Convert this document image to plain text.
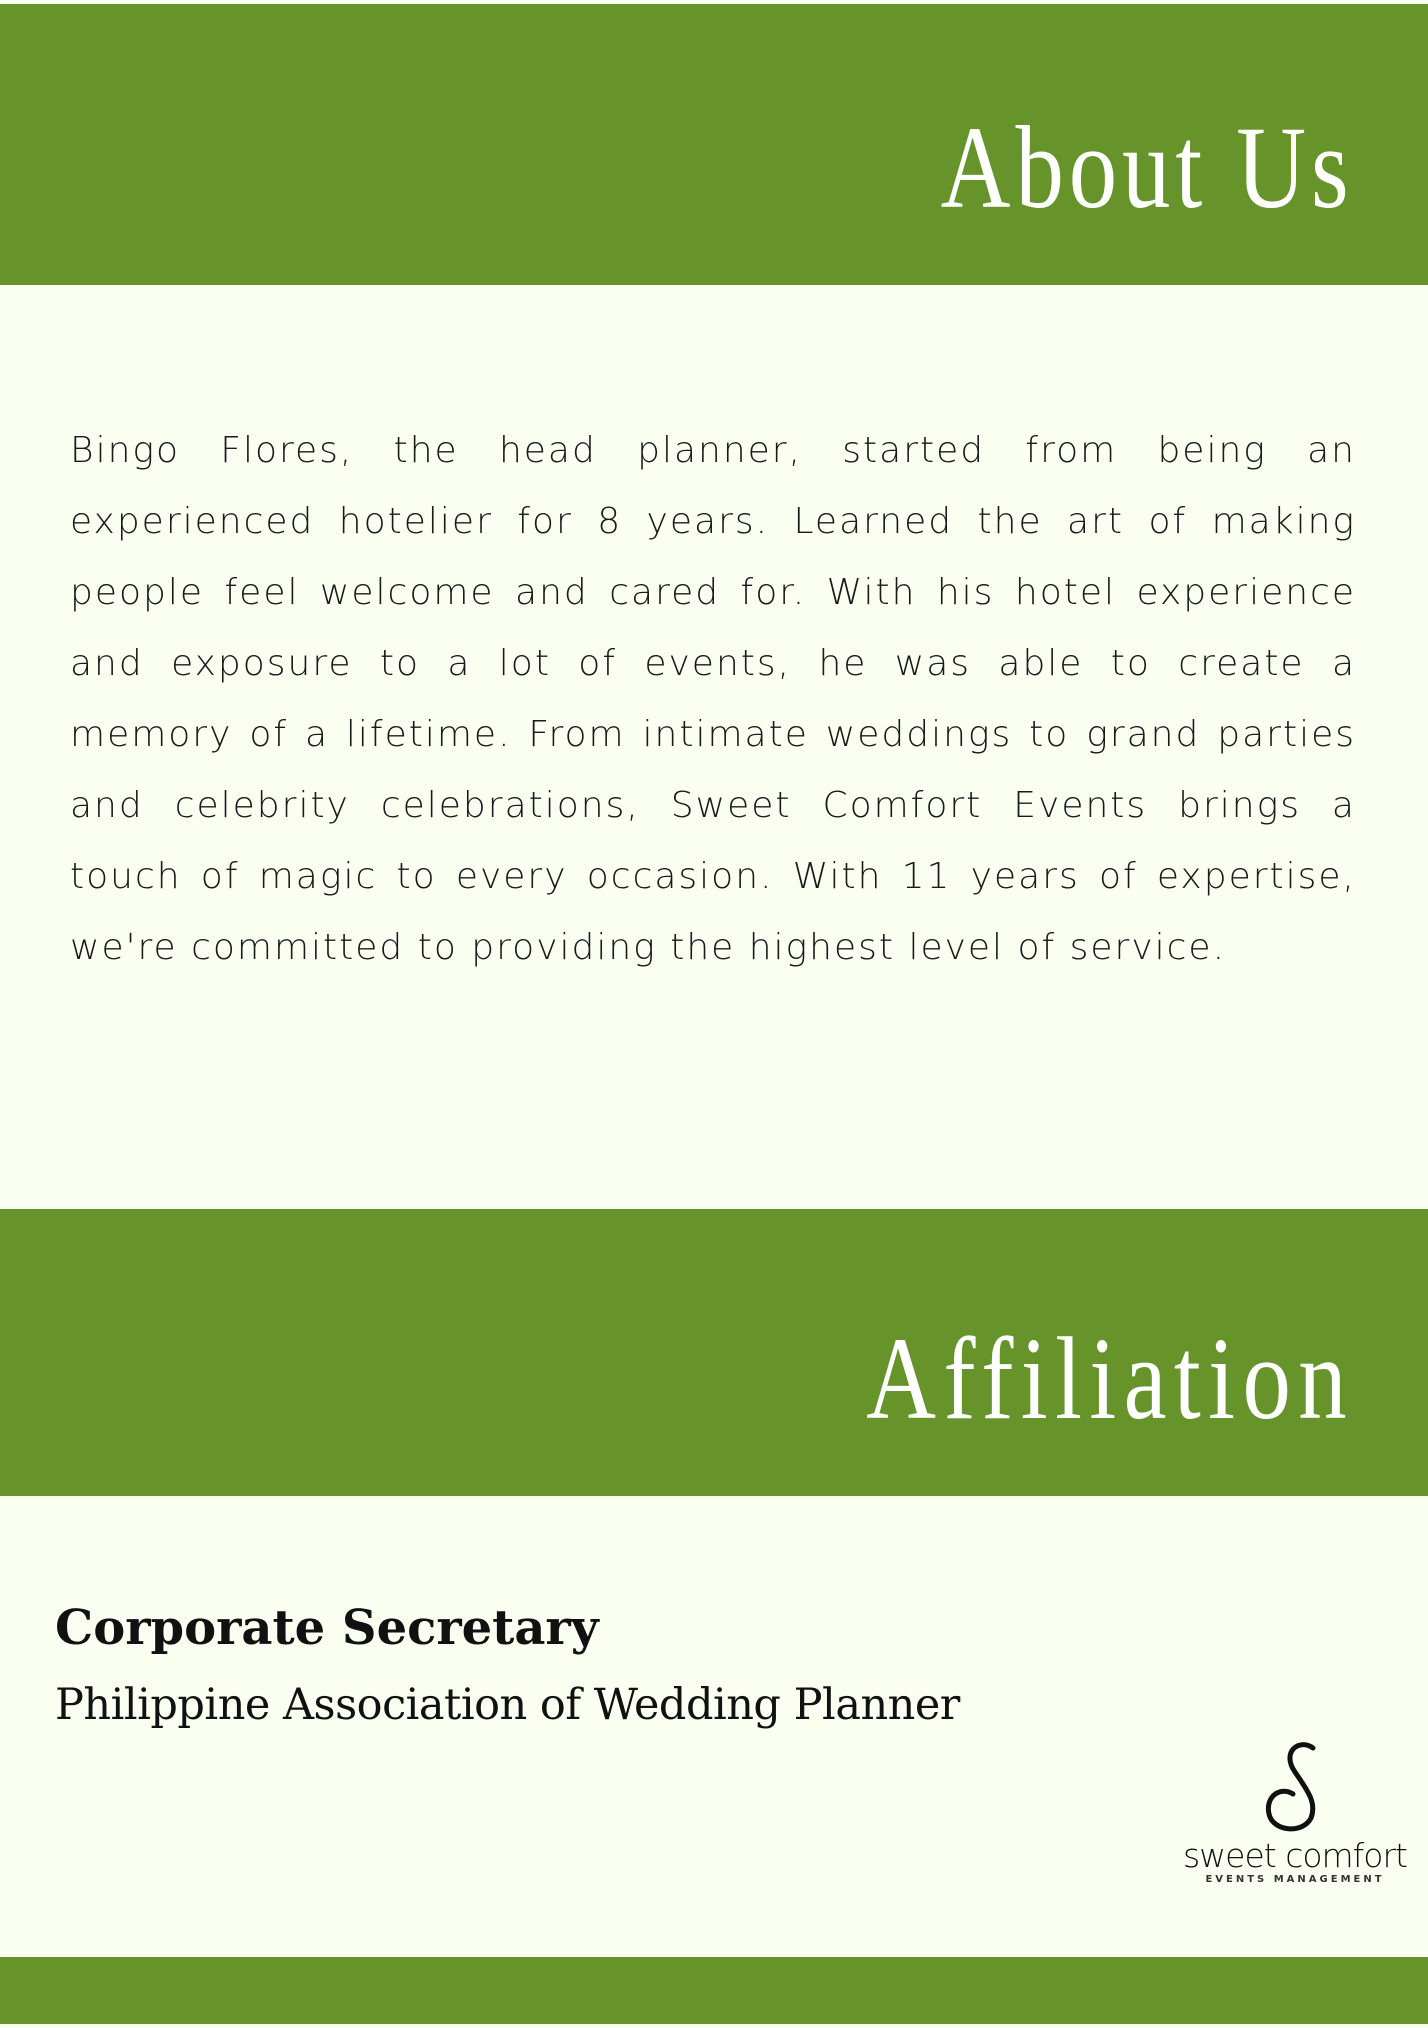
About Us

Bingo Flores, the head planner, started from being an experienced hotelier for 8 years. Learned the art of making people feel welcome and cared for. With his hotel experience and exposure to a lot of events, he was able to create a memory of a lifetime. From intimate weddings to grand parties and celebrity celebrations, Sweet Comfort Events brings a touch of magic to every occasion. With 11 years of expertise, we're committed to providing the highest level of service.

Affiliation
Corporate Secretary

Philippine Association of Wedding Planner

sweet comfort
EVENTS MANAGEMENT
